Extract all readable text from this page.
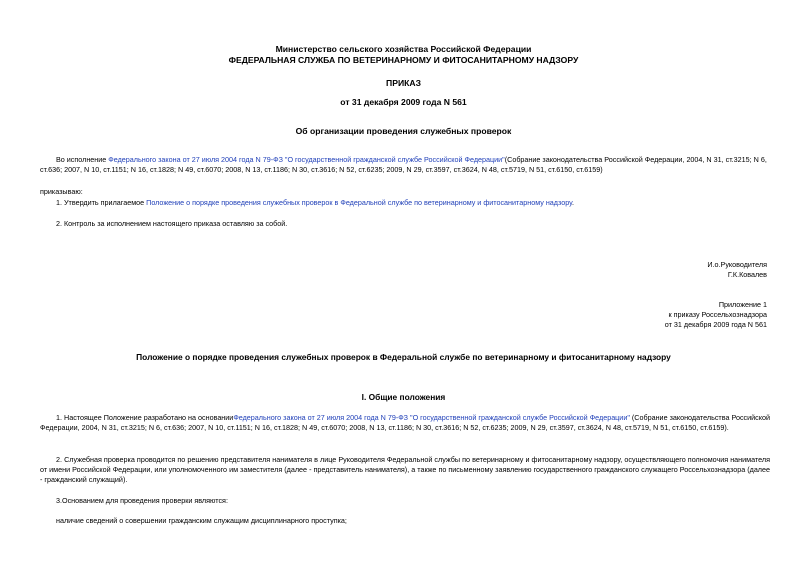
Министерство сельского хозяйства Российской Федерации
ФЕДЕРАЛЬНАЯ СЛУЖБА ПО ВЕТЕРИНАРНОМУ И ФИТОСАНИТАРНОМУ НАДЗОРУ
ПРИКАЗ
от 31 декабря 2009 года N 561
Об организации проведения служебных проверок

Во исполнение Федерального закона от 27 июля 2004 года N 79-ФЗ "О государственной гражданской службе Российской Федерации"(Собрание законодательства Российской Федерации, 2004, N 31, ст.3215; N 6, ст.636; 2007, N 10, ст.1151; N 16, ст.1828; N 49, ст.6070; 2008, N 13, ст.1186; N 30, ст.3616; N 52, ст.6235; 2009, N 29, ст.3597, ст.3624, N 48, ст.5719, N 51, ст.6150, ст.6159)

приказываю:

1. Утвердить прилагаемое Положение о порядке проведения служебных проверок в Федеральной службе по ветеринарному и фитосанитарному надзору.

2. Контроль за исполнением настоящего приказа оставляю за собой.

И.о.Руководителя
Г.К.Ковалев
Приложение 1
к приказу Россельхознадзора
от 31 декабря 2009 года N 561
Положение о порядке проведения служебных проверок в Федеральной службе по ветеринарному и фитосанитарному надзору
I. Общие положения

1. Настоящее Положение разработано на основанииФедерального закона от 27 июля 2004 года N 79-ФЗ "О государственной гражданской службе Российской Федерации" (Собрание законодательства Российской Федерации, 2004, N 31, ст.3215; N 6, ст.636; 2007, N 10, ст.1151; N 16, ст.1828; N 49, ст.6070; 2008, N 13, ст.1186; N 30, ст.3616; N 52, ст.6235; 2009, N 29, ст.3597, ст.3624, N 48, ст.5719, N 51, ст.6150, ст.6159).

2. Служебная проверка проводится по решению представителя нанимателя в лице Руководителя Федеральной службы по ветеринарному и фитосанитарному надзору, осуществляющего полномочия нанимателя от имени Российской Федерации, или уполномоченного им заместителя (далее - представитель нанимателя), а также по письменному заявлению государственного гражданского служащего Россельхознадзора (далее - гражданский служащий).

3.Основанием для проведения проверки являются:

наличие сведений о совершении гражданским служащим дисциплинарного проступка;
